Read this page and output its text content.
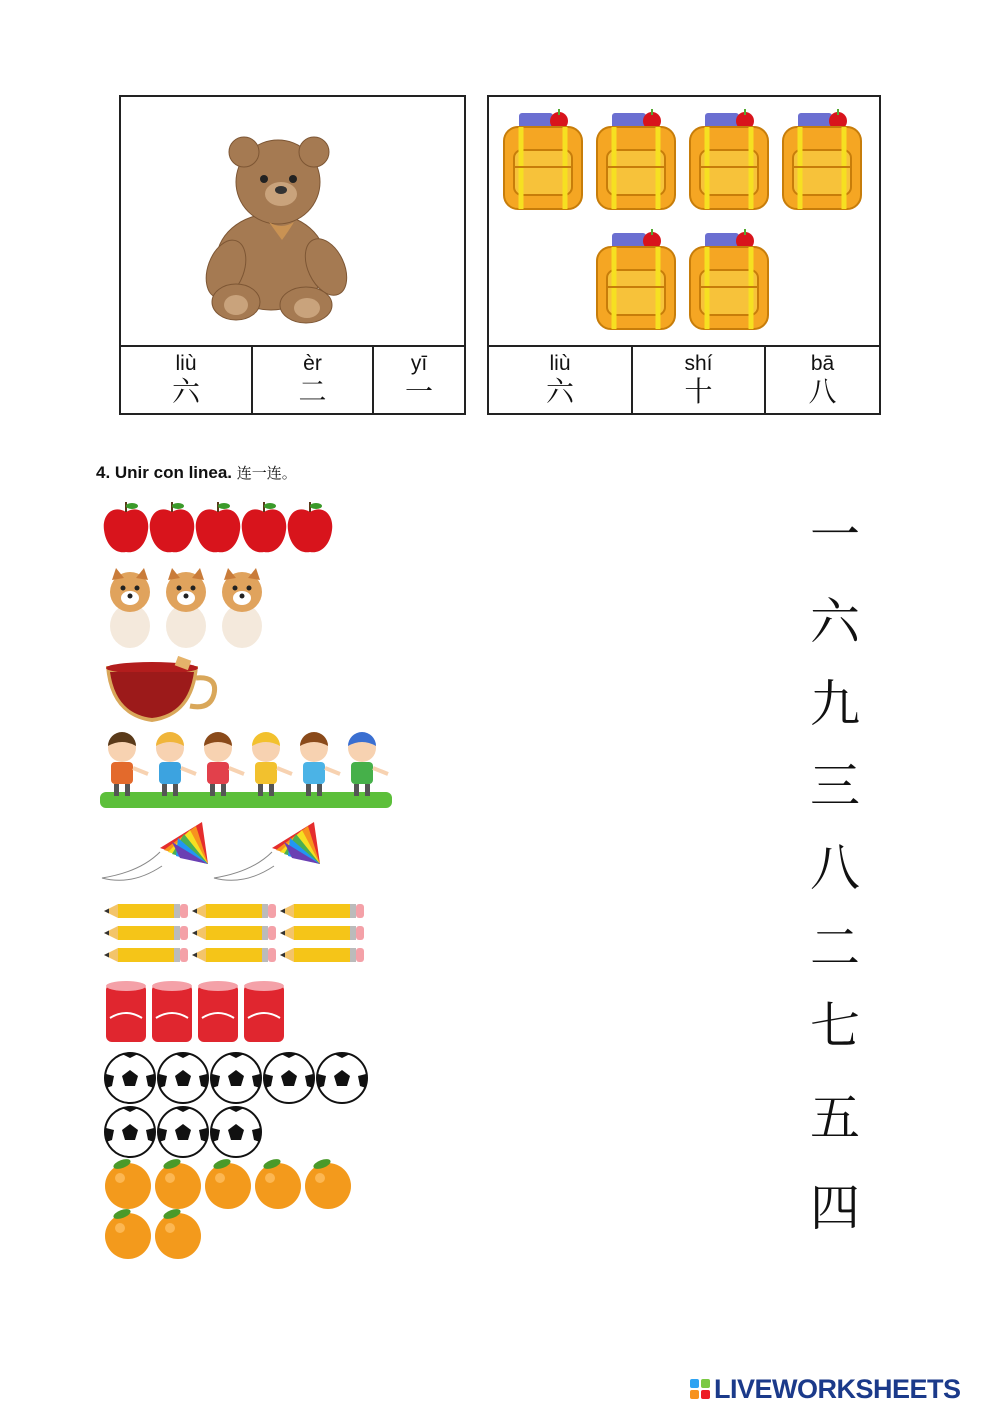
liù
六
èr
二
yī
一
liù
六
shí
十
bā
八
4. Unir con linea. 连一连。
一
六
九
三
八
二
七
五
四
LIVEWORKSHEETS
